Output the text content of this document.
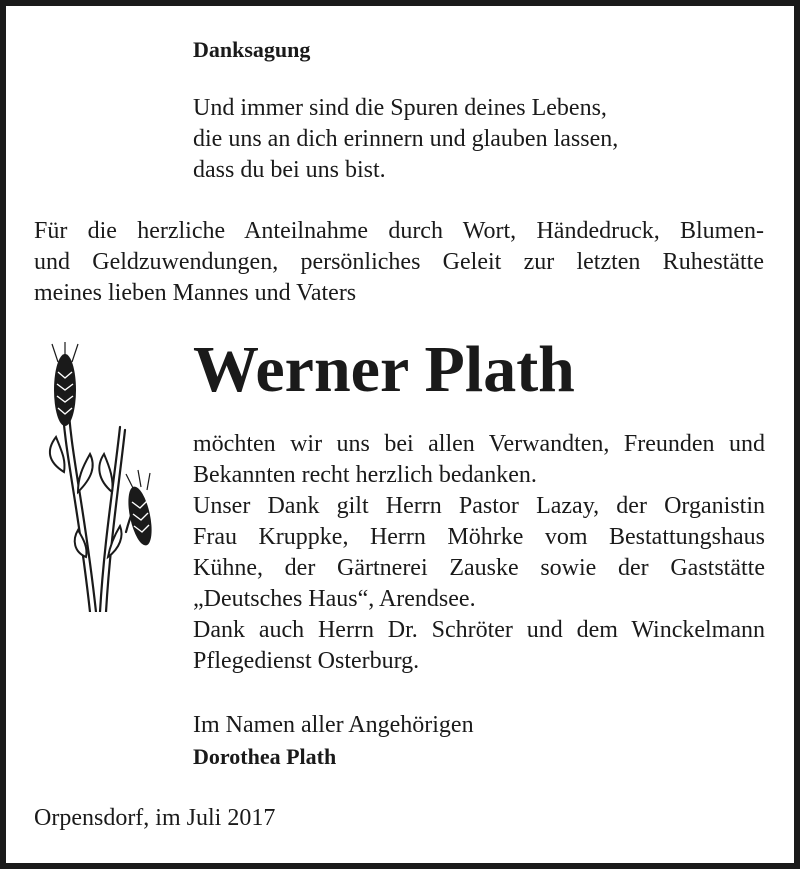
Danksagung
Und immer sind die Spuren deines Lebens,
die uns an dich erinnern und glauben lassen,
dass du bei uns bist.
Für die herzliche Anteilnahme durch Wort, Händedruck, Blumen-
und Geldzuwendungen, persönliches Geleit zur letzten Ruhestätte
meines lieben Mannes und Vaters
Werner Plath
möchten wir uns bei allen Verwandten, Freunden und
Bekannten recht herzlich bedanken.
Unser Dank gilt Herrn Pastor Lazay, der Organistin
Frau Kruppke, Herrn Möhrke vom Bestattungshaus
Kühne, der Gärtnerei Zauske sowie der Gaststätte
„Deutsches Haus“, Arendsee.
Dank auch Herrn Dr. Schröter und dem Winckelmann
Pflegedienst Osterburg.

Im Namen aller Angehörigen

Dorothea Plath

Orpensdorf, im Juli 2017
